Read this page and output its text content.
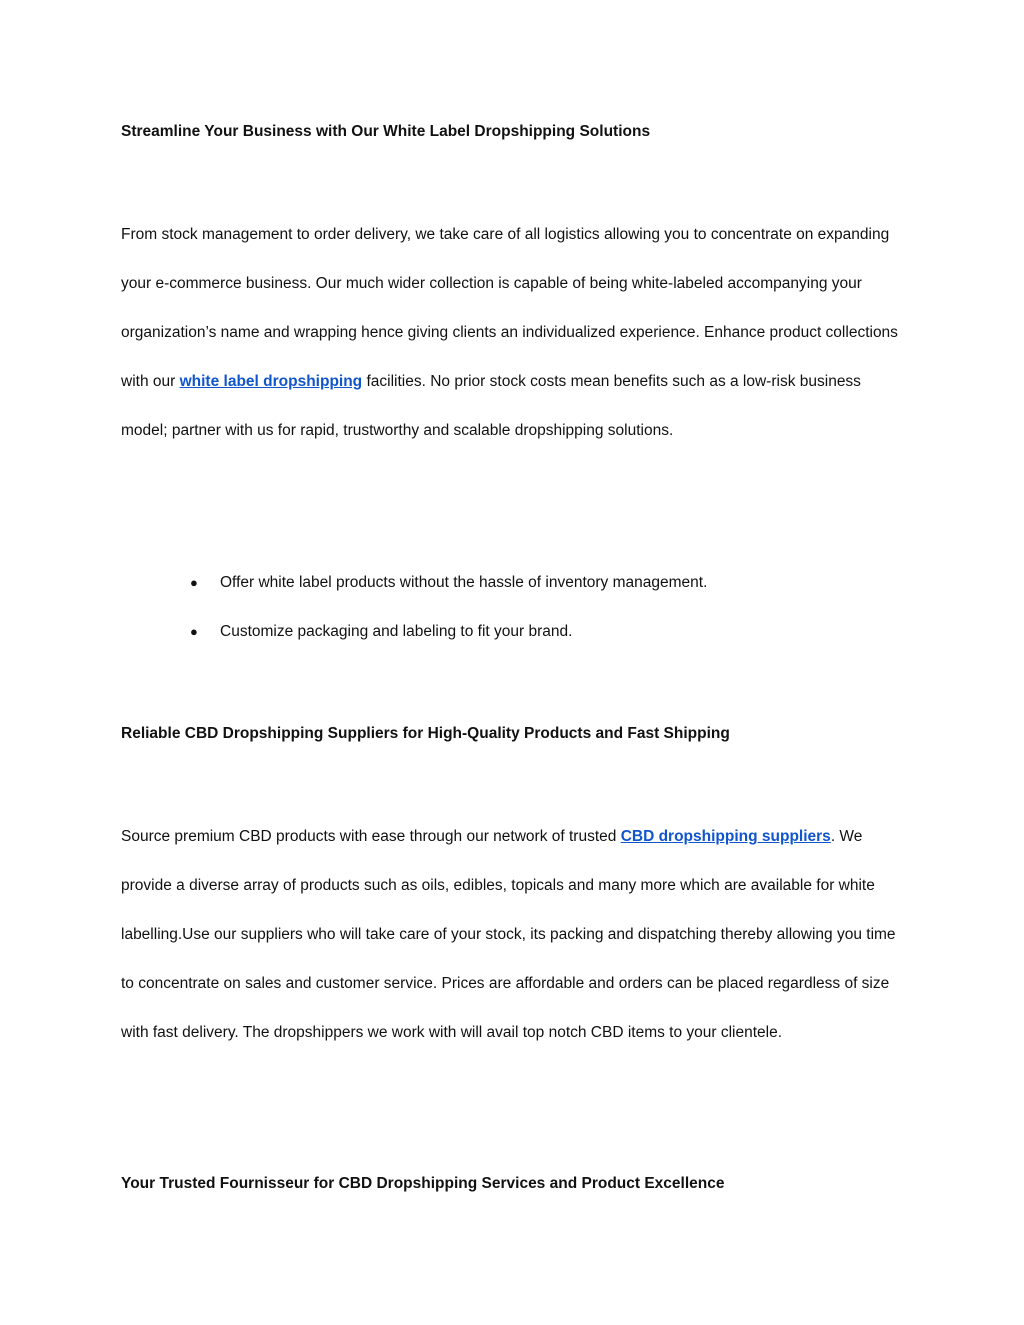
Streamline Your Business with Our White Label Dropshipping Solutions
From stock management to order delivery, we take care of all logistics allowing you to concentrate on expanding your e-commerce business. Our much wider collection is capable of being white-labeled accompanying your organization’s name and wrapping hence giving clients an individualized experience. Enhance product collections with our white label dropshipping facilities. No prior stock costs mean benefits such as a low-risk business model; partner with us for rapid, trustworthy and scalable dropshipping solutions.
● Offer white label products without the hassle of inventory management.
● Customize packaging and labeling to fit your brand.
Reliable CBD Dropshipping Suppliers for High-Quality Products and Fast Shipping
Source premium CBD products with ease through our network of trusted CBD dropshipping suppliers. We provide a diverse array of products such as oils, edibles, topicals and many more which are available for white labelling.Use our suppliers who will take care of your stock, its packing and dispatching thereby allowing you time to concentrate on sales and customer service. Prices are affordable and orders can be placed regardless of size with fast delivery. The dropshippers we work with will avail top notch CBD items to your clientele.
Your Trusted Fournisseur for CBD Dropshipping Services and Product Excellence
